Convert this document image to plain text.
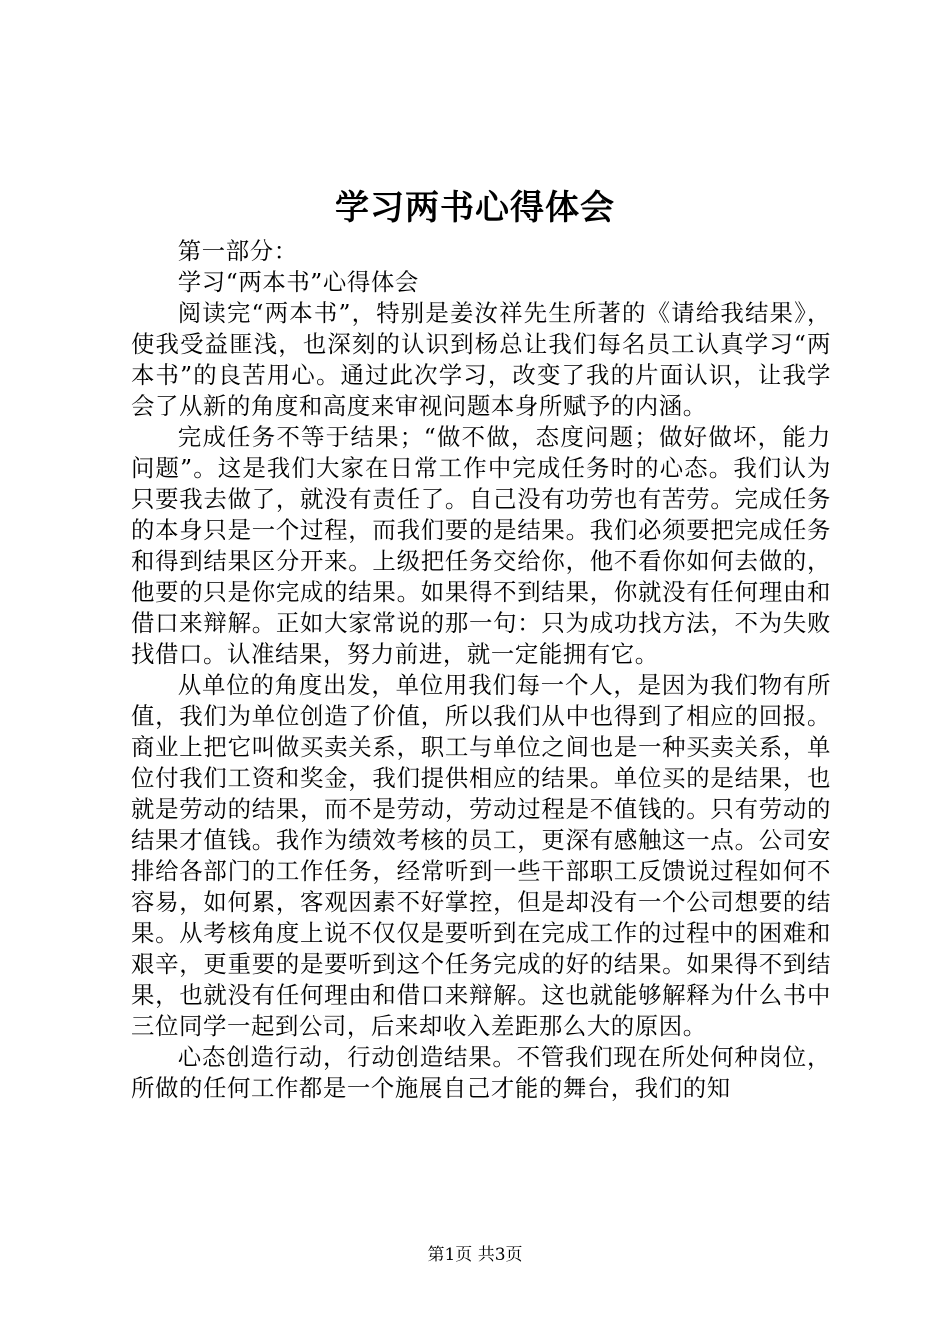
学习两书心得体会

第一部分：

学习“两本书”心得体会

阅读完“两本书”，特别是姜汝祥先生所著的《请给我结果》，使我受益匪浅，也深刻的认识到杨总让我们每名员工认真学习“两本书”的良苦用心。通过此次学习，改变了我的片面认识，让我学会了从新的角度和高度来审视问题本身所赋予的内涵。

完成任务不等于结果；“做不做，态度问题；做好做坏，能力问题”。这是我们大家在日常工作中完成任务时的心态。我们认为只要我去做了，就没有责任了。自己没有功劳也有苦劳。完成任务的本身只是一个过程，而我们要的是结果。我们必须要把完成任务和得到结果区分开来。上级把任务交给你，他不看你如何去做的，他要的只是你完成的结果。如果得不到结果，你就没有任何理由和借口来辩解。正如大家常说的那一句：只为成功找方法，不为失败找借口。认准结果，努力前进，就一定能拥有它。

从单位的角度出发，单位用我们每一个人，是因为我们物有所值，我们为单位创造了价值，所以我们从中也得到了相应的回报。商业上把它叫做买卖关系，职工与单位之间也是一种买卖关系，单位付我们工资和奖金，我们提供相应的结果。单位买的是结果，也就是劳动的结果，而不是劳动，劳动过程是不值钱的。只有劳动的结果才值钱。我作为绩效考核的员工，更深有感触这一点。公司安排给各部门的工作任务，经常听到一些干部职工反馈说过程如何不容易，如何累，客观因素不好掌控，但是却没有一个公司想要的结果。从考核角度上说不仅仅是要听到在完成工作的过程中的困难和艰辛，更重要的是要听到这个任务完成的好的结果。如果得不到结果，也就没有任何理由和借口来辩解。这也就能够解释为什么书中三位同学一起到公司，后来却收入差距那么大的原因。

心态创造行动，行动创造结果。不管我们现在所处何种岗位，所做的任何工作都是一个施展自己才能的舞台，我们的知

第1页 共3页
